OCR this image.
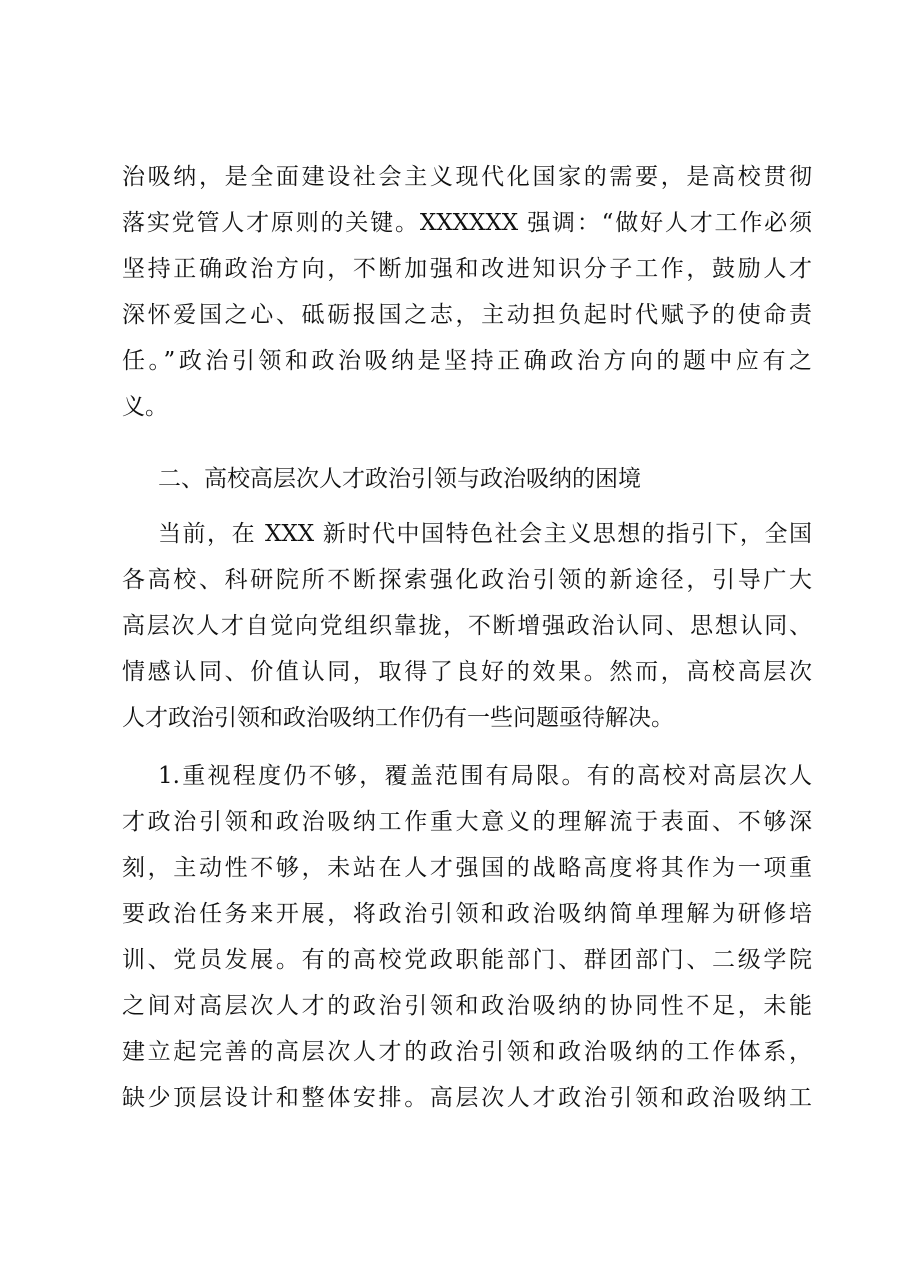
治吸纳，是全面建设社会主义现代化国家的需要，是高校贯彻
落实党管人才原则的关键。XXXXXX 强调：“做好人才工作必须
坚持正确政治方向，不断加强和改进知识分子工作，鼓励人才
深怀爱国之心、砥砺报国之志，主动担负起时代赋予的使命责
任。”政治引领和政治吸纳是坚持正确政治方向的题中应有之
义。
二、高校高层次人才政治引领与政治吸纳的困境
当前，在 XXX 新时代中国特色社会主义思想的指引下，全国
各高校、科研院所不断探索强化政治引领的新途径，引导广大
高层次人才自觉向党组织靠拢，不断增强政治认同、思想认同、
情感认同、价值认同，取得了良好的效果。然而，高校高层次
人才政治引领和政治吸纳工作仍有一些问题亟待解决。
1.重视程度仍不够，覆盖范围有局限。有的高校对高层次人
才政治引领和政治吸纳工作重大意义的理解流于表面、不够深
刻，主动性不够，未站在人才强国的战略高度将其作为一项重
要政治任务来开展，将政治引领和政治吸纳简单理解为研修培
训、党员发展。有的高校党政职能部门、群团部门、二级学院
之间对高层次人才的政治引领和政治吸纳的协同性不足，未能
建立起完善的高层次人才的政治引领和政治吸纳的工作体系，
缺少顶层设计和整体安排。高层次人才政治引领和政治吸纳工
